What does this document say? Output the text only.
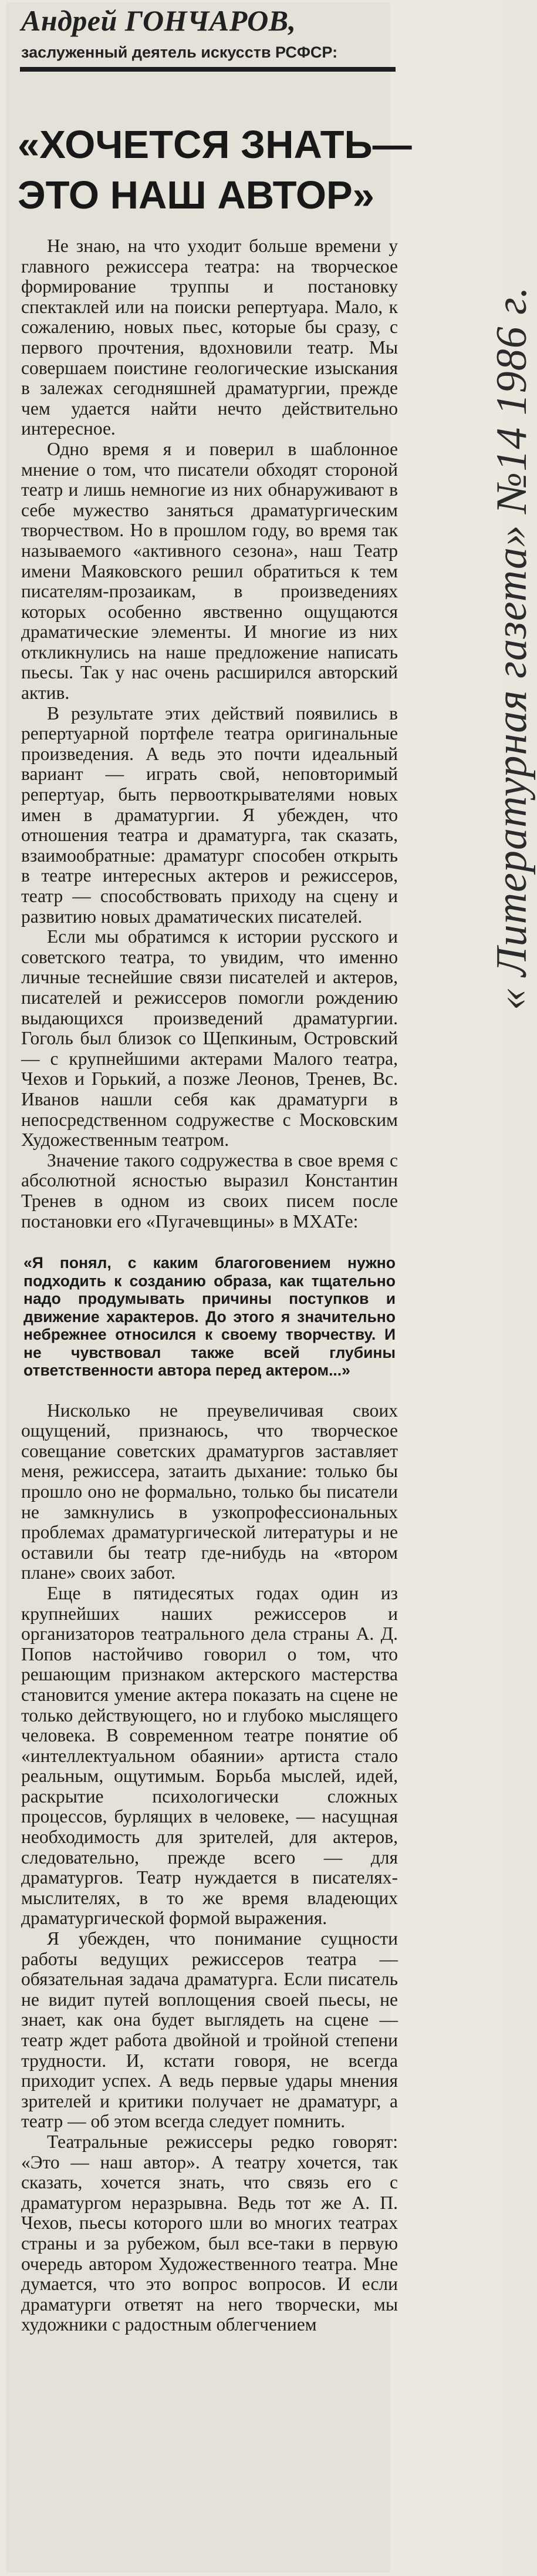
Андрей ГОНЧАРОВ,
заслуженный деятель искусств РСФСР:
«ХОЧЕТСЯ ЗНАТЬ—
ЭТО НАШ АВТОР»

Не знаю, на что уходит больше времени у главного режиссера театра: на творческое формирование труппы и постановку спектаклей или на поиски репертуара. Мало, к сожалению, новых пьес, которые бы сразу, с первого прочтения, вдохновили театр. Мы совершаем поистине геологические изыскания в залежах сегодняшней драматургии, прежде чем удается найти нечто действительно интересное.

Одно время я и поверил в шаблонное мнение о том, что писатели обходят стороной театр и лишь немногие из них обнаруживают в себе мужество заняться драматургическим творчеством. Но в прошлом году, во время так называемого «активного сезона», наш Театр имени Маяковского решил обратиться к тем писателям-прозаикам, в произведениях которых особенно явственно ощущаются драматические элементы. И многие из них откликнулись на наше предложение написать пьесы. Так у нас очень расширился авторский актив.

В результате этих действий появились в репертуарной портфеле театра оригинальные произведения. А ведь это почти идеальный вариант — играть свой, неповторимый репертуар, быть первооткрывателями новых имен в драматургии. Я убежден, что отношения театра и драматурга, так сказать, взаимообратные: драматург способен открыть в театре интересных актеров и режиссеров, театр — способствовать приходу на сцену и развитию новых драматических писателей.

Если мы обратимся к истории русского и советского театра, то увидим, что именно личные теснейшие связи писателей и актеров, писателей и режиссеров помогли рождению выдающихся произведений драматургии. Гоголь был близок со Щепкиным, Островский — с крупнейшими актерами Малого театра, Чехов и Горький, а позже Леонов, Тренев, Вс. Иванов нашли себя как драматурги в непосредственном содружестве с Московским Художественным театром.

Значение такого содружества в свое время с абсолютной ясностью выразил Константин Тренев в одном из своих писем после постановки его «Пугачевщины» в МХАТе:

«Я понял, с каким благоговением нужно подходить к созданию образа, как тщательно надо продумывать причины поступков и движение характеров. До этого я значительно небрежнее относился к своему творчеству. И не чувствовал также всей глубины ответственности автора перед актером...»

Нисколько не преувеличивая своих ощущений, признаюсь, что творческое совещание советских драматургов заставляет меня, режиссера, затаить дыхание: только бы прошло оно не формально, только бы писатели не замкнулись в узкопрофессиональных проблемах драматургической литературы и не оставили бы театр где-нибудь на «втором плане» своих забот.

Еще в пятидесятых годах один из крупнейших наших режиссеров и организаторов театрального дела страны А. Д. Попов настойчиво говорил о том, что решающим признаком актерского мастерства становится умение актера показать на сцене не только действующего, но и глубоко мыслящего человека. В современном театре понятие об «интеллектуальном обаянии» артиста стало реальным, ощутимым. Борьба мыслей, идей, раскрытие психологически сложных процессов, бурлящих в человеке, — насущная необходимость для зрителей, для актеров, следовательно, прежде всего — для драматургов. Театр нуждается в писателях-мыслителях, в то же время владеющих драматургической формой выражения.

Я убежден, что понимание сущности работы ведущих режиссеров театра — обязательная задача драматурга. Если писатель не видит путей воплощения своей пьесы, не знает, как она будет выглядеть на сцене — театр ждет работа двойной и тройной степени трудности. И, кстати говоря, не всегда приходит успех. А ведь первые удары мнения зрителей и критики получает не драматург, а театр — об этом всегда следует помнить.

Театральные режиссеры редко говорят: «Это — наш автор». А театру хочется, так сказать, хочется знать, что связь его с драматургом неразрывна. Ведь тот же А. П. Чехов, пьесы которого шли во многих театрах страны и за рубежом, был все-таки в первую очередь автором Художественного театра. Мне думается, что это вопрос вопросов. И если драматурги ответят на него творчески, мы художники с радостным облегчением

« Литературная газета» №14 1986 г.
